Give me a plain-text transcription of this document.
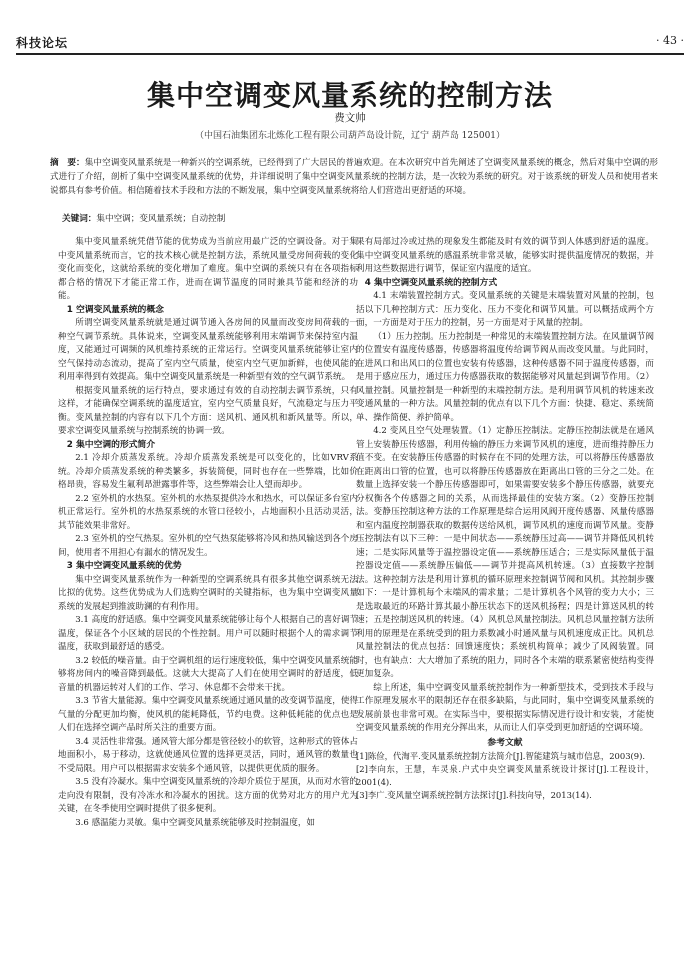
科技论坛	· 43 ·
集中空调变风量系统的控制方法
费文帅
（中国石油集团东北炼化工程有限公司葫芦岛设计院，辽宁 葫芦岛 125001）
摘　要：集中空调变风量系统是一种新兴的空调系统，已经得到了广大居民的普遍欢迎。在本次研究中首先阐述了空调变风量系统的概念，然后对集中空调的形式进行了介绍，剖析了集中空调变风量系统的优势，并详细说明了集中空调变风量系统的控制方法，是一次较为系统的研究。对于该系统的研发人员和使用者来说都具有参考价值。相信随着技术手段和方法的不断发展，集中空调变风量系统将给人们营造出更舒适的环境。
关键词：集中空调；变风量系统；自动控制

集中变风量系统凭借节能的优势成为当前应用最广泛的空调设备。对于集中变风量系统而言，它的技术核心就是控制方法，系统风量受房间荷载的变化变化而变化，这就给系统的变化增加了难度。集中空调的系统只有在各项指标都合格的情况下才能正常工作，进而在调节温度的同时兼具节能和经济的功能。

1 空调变风量系统的概念

所谓空调变风量系统就是通过调节通入各房间的风量而改变房间荷载的一种空气调节系统。具体说来，空调变风量系统能够利用末端调节来保持室内温度，又能通过可调频的风机维持系统的正常运行。空调变风量系统能够让室内空气保持动态流动，提高了室内空气质量，使室内空气更加新鲜，也使风能的利用率得到有效提高。集中空调变风量系统是一种新型有效的空气调节系统。

根据变风量系统的运行特点，要求通过有效的自动控制去调节系统，只有这样，才能确保空调系统的温度适宜，室内空气质量良好，气流稳定与压力平衡。变风量控制的内容有以下几个方面：送风机、通风机和新风量等。所以，要求空调变风量系统与控制系统的协调一致。

2 集中空调的形式简介

2.1 冷却介质蒸发系统。冷却介质蒸发系统是可以变化的，比如VRV系统。冷却介质蒸发系统的种类繁多，拆装简便，同时也存在一些弊端，比如价格昂贵，容易发生氟利昂泄露事件等，这些弊端会让人望而却步。

2.2 室外机的水热泵。室外机的水热泵提供冷水和热水，可以保证多台室内机正常运行。室外机的水热泵系统的水管口径较小，占地面积小且活动灵活，其节能效果非常好。

2.3 室外机的空气热泵。室外机的空气热泵能够将冷风和热风输送到各个房间，使用者不用担心有漏水的情况发生。

3 集中空调变风量系统的优势

集中空调变风量系统作为一种新型的空调系统具有很多其他空调系统无法比拟的优势。这些优势成为人们选购空调时的关键指标，也为集中空调变风量系统的发展起到推波助澜的有利作用。

3.1 高度的舒适感。集中空调变风量系统能够让每个人根据自己的喜好调节温度，保证各个小区域的居民的个性控制。用户可以随时根据个人的需求调节温度，获取到最舒适的感受。

3.2 较低的噪音量。由于空调机组的运行速度较低，集中空调变风量系统能够将房间内的噪音降到最低。这就大大提高了人们在使用空调时的舒适度，低音量的机器运转对人们的工作、学习、休息都不会带来干扰。

3.3 节省大量能源。集中空调变风量系统通过通风量的改变调节温度，使得气量的分配更加均衡，使风机的能耗降低，节约电费。这种低耗能的优点也是人们在选择空调产品时所关注的重要方面。

3.4 灵活性非常强。通风管大部分都是管径较小的软管，这种形式的管体占地面积小，易于移动，这就使通风位置的选择更灵活，同时，通风管的数量也不受局限。用户可以根据需求安装多个通风管，以提供更优质的服务。

3.5 没有冷凝水。集中空调变风量系统的冷却介质位于屋顶，从而对水管的走向没有限制，没有冷冻水和冷凝水的困扰。这方面的优势对北方的用户尤为关键，在冬季使用空调时提供了很多便利。

3.6 感温能力灵敏。集中空调变风量系统能够及时控制温度，如

果有局部过冷或过热的现象发生都能及时有效的调节到人体感到舒适的温度。集中空调变风量系统的感温系统非常灵敏，能够实时提供温度情况的数据，并利用这些数据进行调节，保证室内温度的适宜。

4 集中空调变风量系统的控制方式

4.1 末端装置控制方式。变风量系统的关键是末端装置对风量的控制，包括以下几种控制方式：压力变化、压力不变化和调节风量。可以概括成两个方面，一方面是对于压力的控制，另一方面是对于风量的控制。

（1）压力控制。压力控制是一种常见的末端装置控制方法。在风量调节阀的位置安有温度传感器，传感器将温度传给调节阀从而改变风量。与此同时，在进风口和出风口的位置也安装有传感器，这种传感器不同于温度传感器，而是用于感应压力，通过压力传感器获取的数据能够对风量起到调节作用。（2）风量控制。风量控制是一种新型的末端控制方法。是利用调节风机的转速来改变通风量的一种方法。风量控制的优点有以下几个方面：快捷、稳定、系统简单、操作简便、养护简单。

4.2 变风且空气处理装置。（1）定静压控制法。定静压控制法就是在通风管上安装静压传感器，利用传输的静压力来调节风机的速度，进而维持静压力值不变。在安装静压传感器的时候存在不同的处理方法，可以将静压传感器放在距离出口管的位置，也可以将静压传感器放在距离出口管的三分之二处。在数量上选择安装一个静压传感器即可，如果需要安装多个静压传感器，就要充分权衡各个传感器之间的关系，从而选择最佳的安装方案。（2）变静压控制法。变静压控制这种方法的工作原理是综合运用风阀开度传感器、风量传感器和室内温度控制器获取的数据传送给风机，调节风机的速度而调节风量。变静压控制法有以下三种：一是中间状态——系统静压过高——调节并降低风机转速；二是实际风量等于温控器设定值——系统静压适合；三是实际风量低于温控器设定值——系统静压偏低——调节并提高风机转速。（3）直接数字控制法。这种控制方法是利用计算机的循环原理来控制调节阀和风机。其控制步骤如下：一是计算机每个末端风的需求量；二是计算机各个风管的变力大小；三是选取最近的环路计算其最小静压状态下的送风机扬程；四是计算送风机的转速；五是控制送风机的转速。（4）风机总风量控制法。风机总风量控制方法所利用的原理是在系统受到的阻力系数减小时通风量与风机速度成正比。风机总风量控制法的优点包括：回馈速度快；系统机构简单；减少了风阀装置。同时，也有缺点：大大增加了系统的阻力，同时各个末端的联系紧密使结构变得更加复杂。

综上所述，集中空调变风量系统控制作为一种新型技术，受到技术手段与工作原理发展水平的限制还存在很多缺陷，与此同时，集中空调变风量系统的发展前景也非常可观。在实际当中，要根据实际情况进行设计和安装，才能使空调变风量系统的作用充分挥出来，从而让人们享受到更加舒适的空调环境。

参考文献

[1]陈俭，代淘平.变风量系统控制方法简介[J].智能建筑与城市信息，2003(9).

[2]李向东，王慧，车灵泉.户式中央空调变风量系统设计探讨[J].工程设计，2001(4).

[3]李广.变风量空调系统控制方法探讨[J].科技向导，2013(14).
